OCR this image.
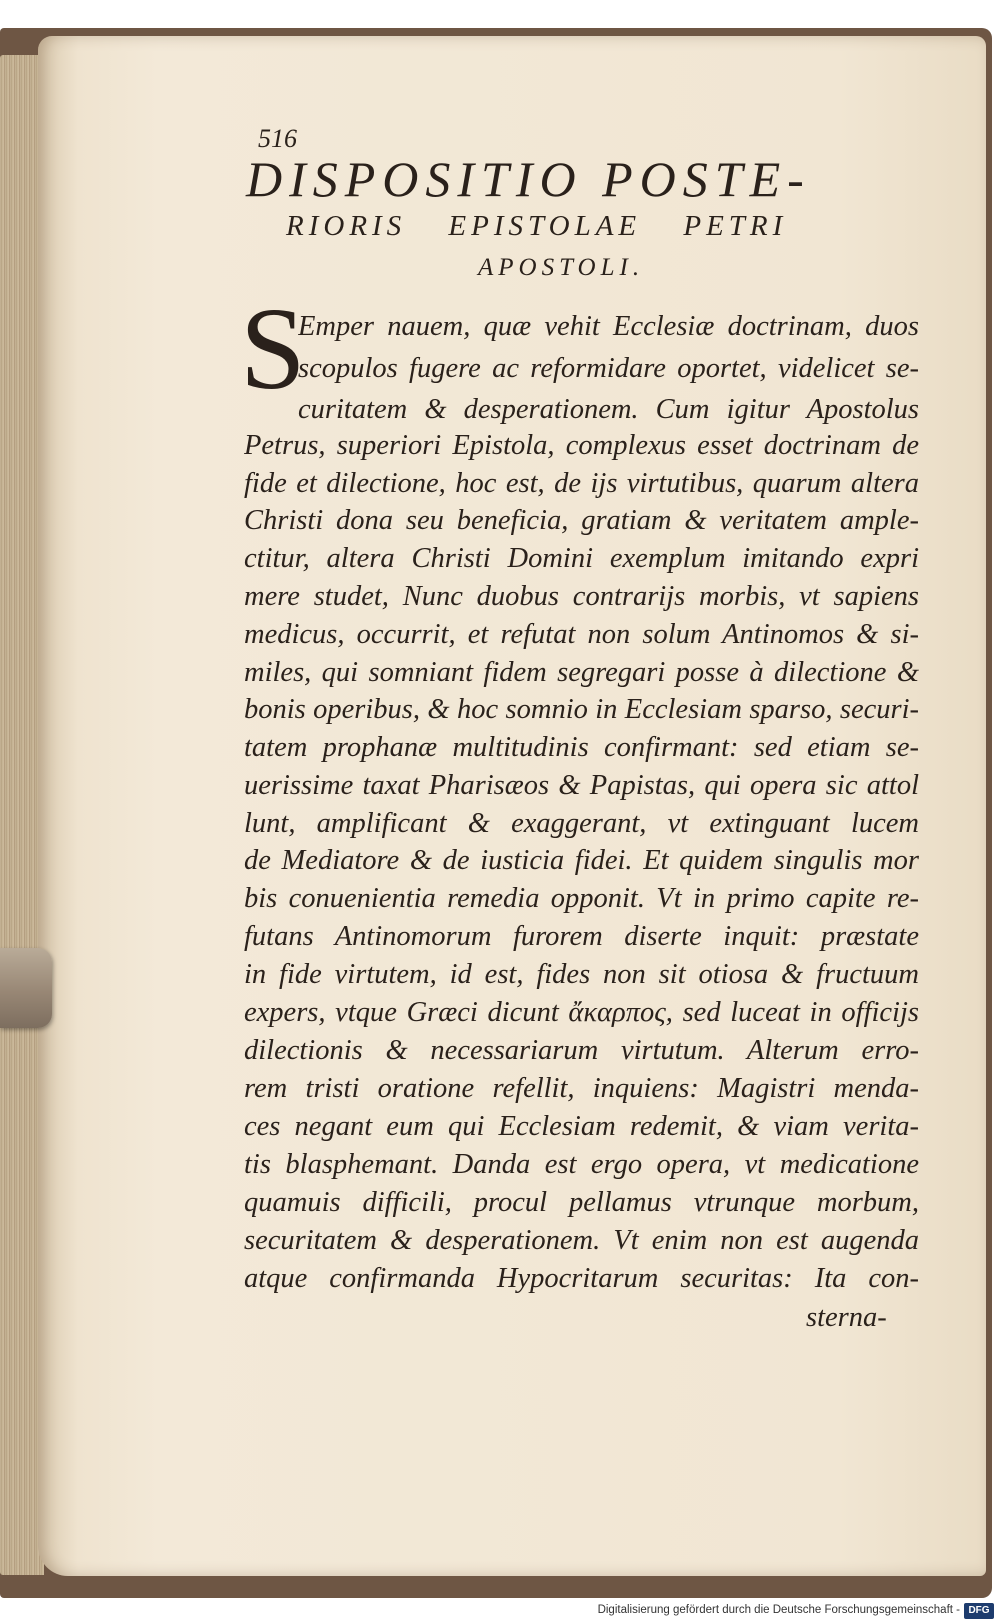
516
DISPOSITIO POSTE-
RIORIS EPISTOLAE PETRI
APOSTOLI.
S
Emper nauem, quæ vehit Ecclesiæ doctrinam, duos
scopulos fugere ac reformidare oportet, videlicet se-
curitatem & desperationem. Cum igitur Apostolus
Petrus, superiori Epistola, complexus esset doctrinam de
fide et dilectione, hoc est, de ijs virtutibus, quarum altera
Christi dona seu beneficia, gratiam & veritatem ample-
ctitur, altera Christi Domini exemplum imitando expri
mere studet, Nunc duobus contrarijs morbis, vt sapiens
medicus, occurrit, et refutat non solum Antinomos & si-
miles, qui somniant fidem segregari posse à dilectione &
bonis operibus, & hoc somnio in Ecclesiam sparso, securi-
tatem prophanæ multitudinis confirmant: sed etiam se-
uerissime taxat Pharisæos & Papistas, qui opera sic attol
lunt, amplificant & exaggerant, vt extinguant lucem
de Mediatore & de iusticia fidei. Et quidem singulis mor
bis conuenientia remedia opponit. Vt in primo capite re-
futans Antinomorum furorem diserte inquit: præstate
in fide virtutem, id est, fides non sit otiosa & fructuum
expers, vtque Græci dicunt ἄκαρπος, sed luceat in officijs
dilectionis & necessariarum virtutum. Alterum erro-
rem tristi oratione refellit, inquiens: Magistri menda-
ces negant eum qui Ecclesiam redemit, & viam verita-
tis blasphemant. Danda est ergo opera, vt medicatione
quamuis difficili, procul pellamus vtrunque morbum,
securitatem & desperationem. Vt enim non est augenda
atque confirmanda Hypocritarum securitas: Ita con-
sterna-
Digitalisierung gefördert durch die Deutsche Forschungsgemeinschaft - DFG
